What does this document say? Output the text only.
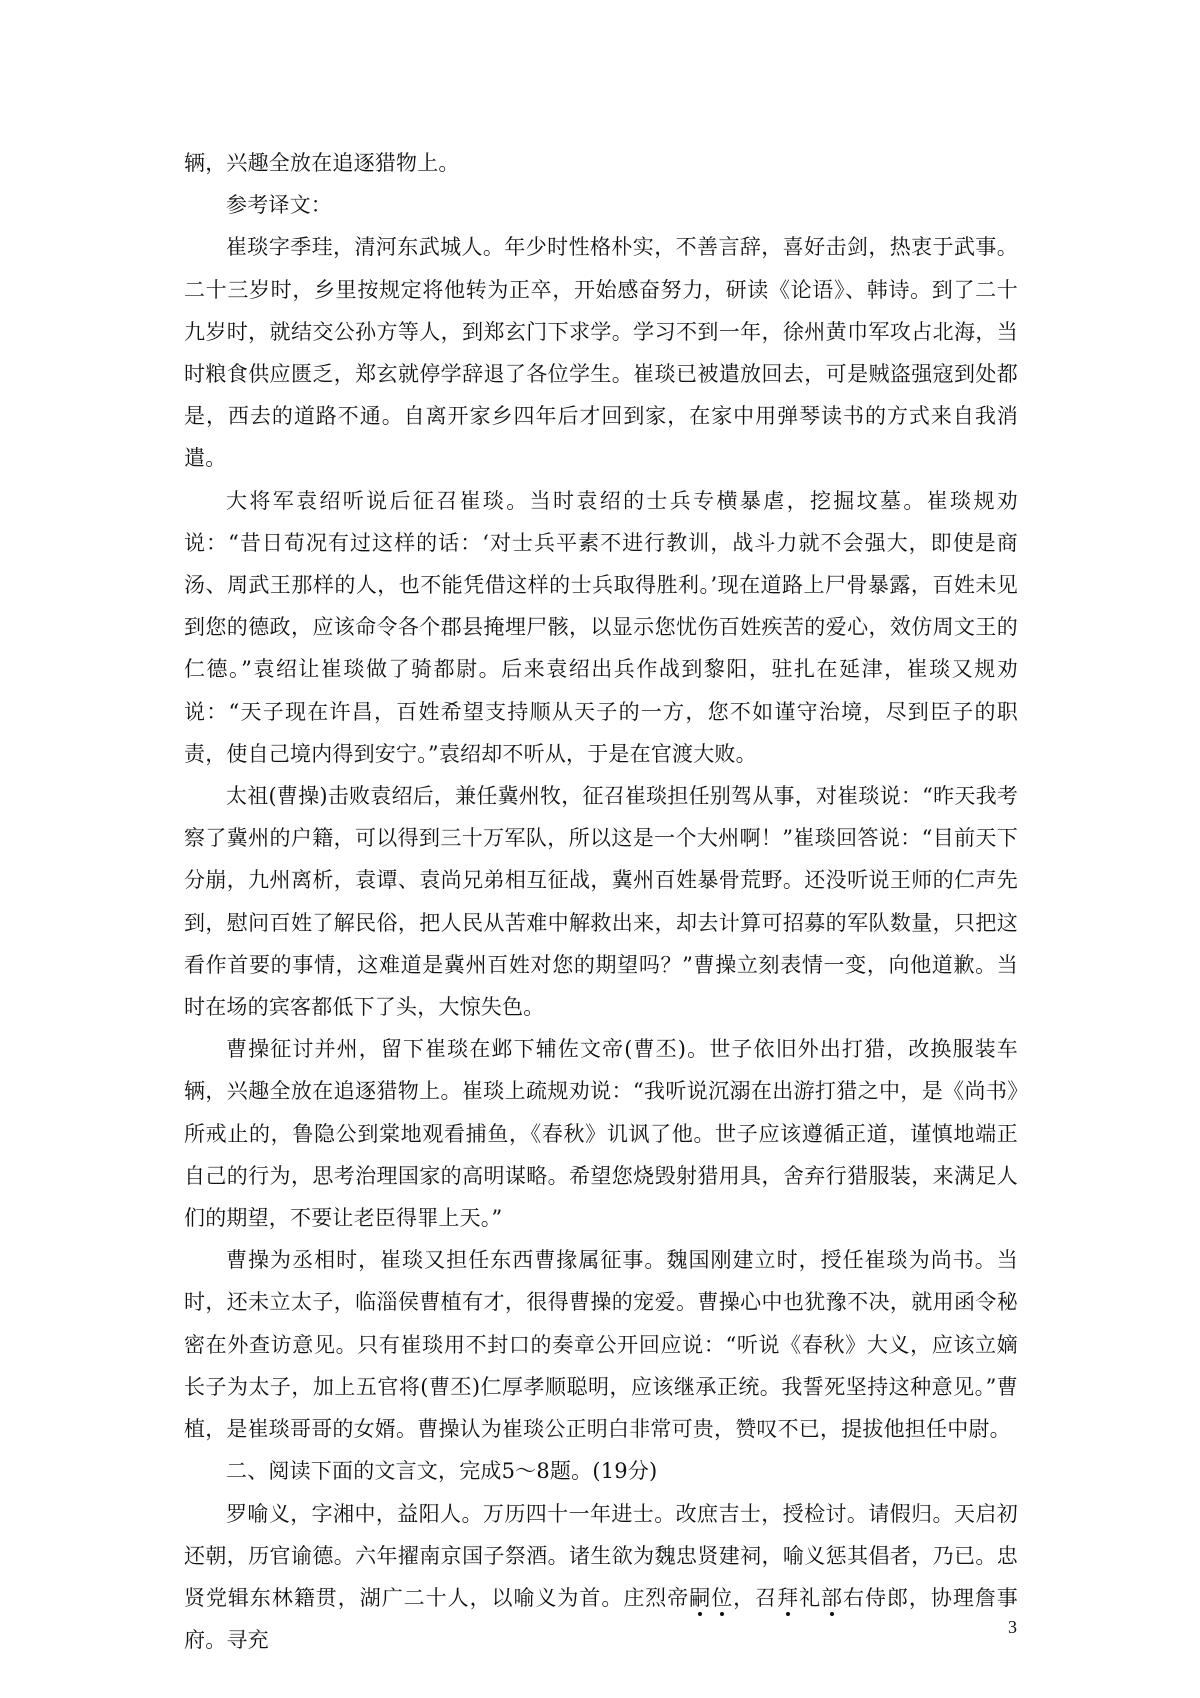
辆，兴趣全放在追逐猎物上。

参考译文：

崔琰字季珪，清河东武城人。年少时性格朴实，不善言辞，喜好击剑，热衷于武事。二十三岁时，乡里按规定将他转为正卒，开始感奋努力，研读《论语》、韩诗。到了二十九岁时，就结交公孙方等人，到郑玄门下求学。学习不到一年，徐州黄巾军攻占北海，当时粮食供应匮乏，郑玄就停学辞退了各位学生。崔琰已被遣放回去，可是贼盗强寇到处都是，西去的道路不通。自离开家乡四年后才回到家，在家中用弹琴读书的方式来自我消遣。

大将军袁绍听说后征召崔琰。当时袁绍的士兵专横暴虐，挖掘坟墓。崔琰规劝说：“昔日荀况有过这样的话：‘对士兵平素不进行教训，战斗力就不会强大，即使是商汤、周武王那样的人，也不能凭借这样的士兵取得胜利。’现在道路上尸骨暴露，百姓未见到您的德政，应该命令各个郡县掩埋尸骸，以显示您忧伤百姓疾苦的爱心，效仿周文王的仁德。”袁绍让崔琰做了骑都尉。后来袁绍出兵作战到黎阳，驻扎在延津，崔琰又规劝说：“天子现在许昌，百姓希望支持顺从天子的一方，您不如谨守治境，尽到臣子的职责，使自己境内得到安宁。”袁绍却不听从，于是在官渡大败。

太祖(曹操)击败袁绍后，兼任冀州牧，征召崔琰担任别驾从事，对崔琰说：“昨天我考察了冀州的户籍，可以得到三十万军队，所以这是一个大州啊！”崔琰回答说：“目前天下分崩，九州离析，袁谭、袁尚兄弟相互征战，冀州百姓暴骨荒野。还没听说王师的仁声先到，慰问百姓了解民俗，把人民从苦难中解救出来，却去计算可招募的军队数量，只把这看作首要的事情，这难道是冀州百姓对您的期望吗？”曹操立刻表情一变，向他道歉。当时在场的宾客都低下了头，大惊失色。

曹操征讨并州，留下崔琰在邺下辅佐文帝(曹丕)。世子依旧外出打猎，改换服装车辆，兴趣全放在追逐猎物上。崔琰上疏规劝说：“我听说沉溺在出游打猎之中，是《尚书》所戒止的，鲁隐公到棠地观看捕鱼，《春秋》讥讽了他。世子应该遵循正道，谨慎地端正自己的行为，思考治理国家的高明谋略。希望您烧毁射猎用具，舍弃行猎服装，来满足人们的期望，不要让老臣得罪上天。”

曹操为丞相时，崔琰又担任东西曹掾属征事。魏国刚建立时，授任崔琰为尚书。当时，还未立太子，临淄侯曹植有才，很得曹操的宠爱。曹操心中也犹豫不决，就用函令秘密在外查访意见。只有崔琰用不封口的奏章公开回应说：“听说《春秋》大义，应该立嫡长子为太子，加上五官将(曹丕)仁厚孝顺聪明，应该继承正统。我誓死坚持这种意见。”曹植，是崔琰哥哥的女婿。曹操认为崔琰公正明白非常可贵，赞叹不已，提拔他担任中尉。

二、阅读下面的文言文，完成5～8题。(19分)

罗喻义，字湘中，益阳人。万历四十一年进士。改庶吉士，授检讨。请假归。天启初还朝，历官谕德。六年擢南京国子祭酒。诸生欲为魏忠贤建祠，喻义惩其倡者，乃已。忠贤党辑东林籍贯，湖广二十人，以喻义为首。庄烈帝嗣位，召拜礼部右侍郎，协理詹事府。寻充

3
